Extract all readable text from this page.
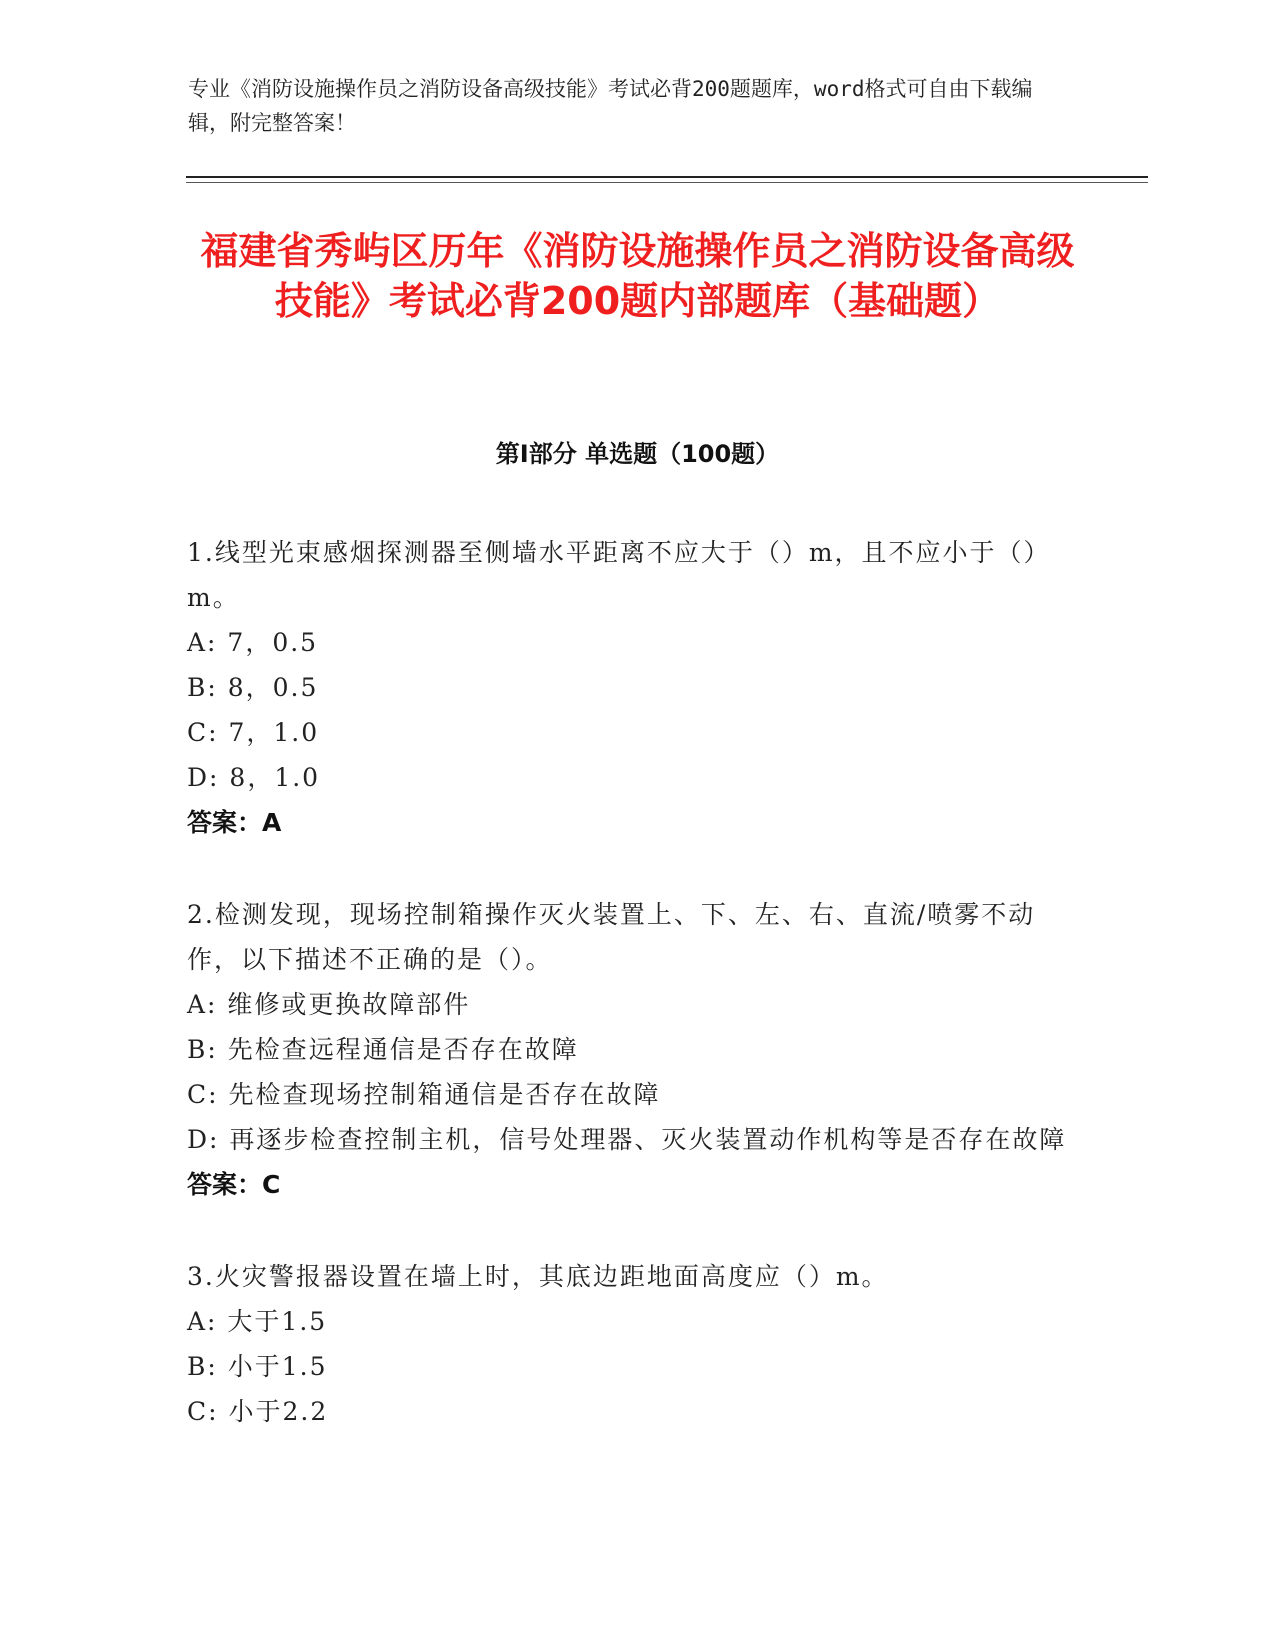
专业《消防设施操作员之消防设备高级技能》考试必背200题题库，word格式可自由下载编辑，附完整答案！
福建省秀屿区历年《消防设施操作员之消防设备高级技能》考试必背200题内部题库（基础题）
第I部分 单选题（100题）
1.线型光束感烟探测器至侧墙水平距离不应大于（）m，且不应小于（）m。
A: 7，0.5
B: 8，0.5
C: 7，1.0
D: 8，1.0
答案：A
2.检测发现，现场控制箱操作灭火装置上、下、左、右、直流/喷雾不动作，以下描述不正确的是（）。
A: 维修或更换故障部件
B: 先检查远程通信是否存在故障
C: 先检查现场控制箱通信是否存在故障
D: 再逐步检查控制主机，信号处理器、灭火装置动作机构等是否存在故障
答案：C
3.火灾警报器设置在墙上时，其底边距地面高度应（）m。
A: 大于1.5
B: 小于1.5
C: 小于2.2
